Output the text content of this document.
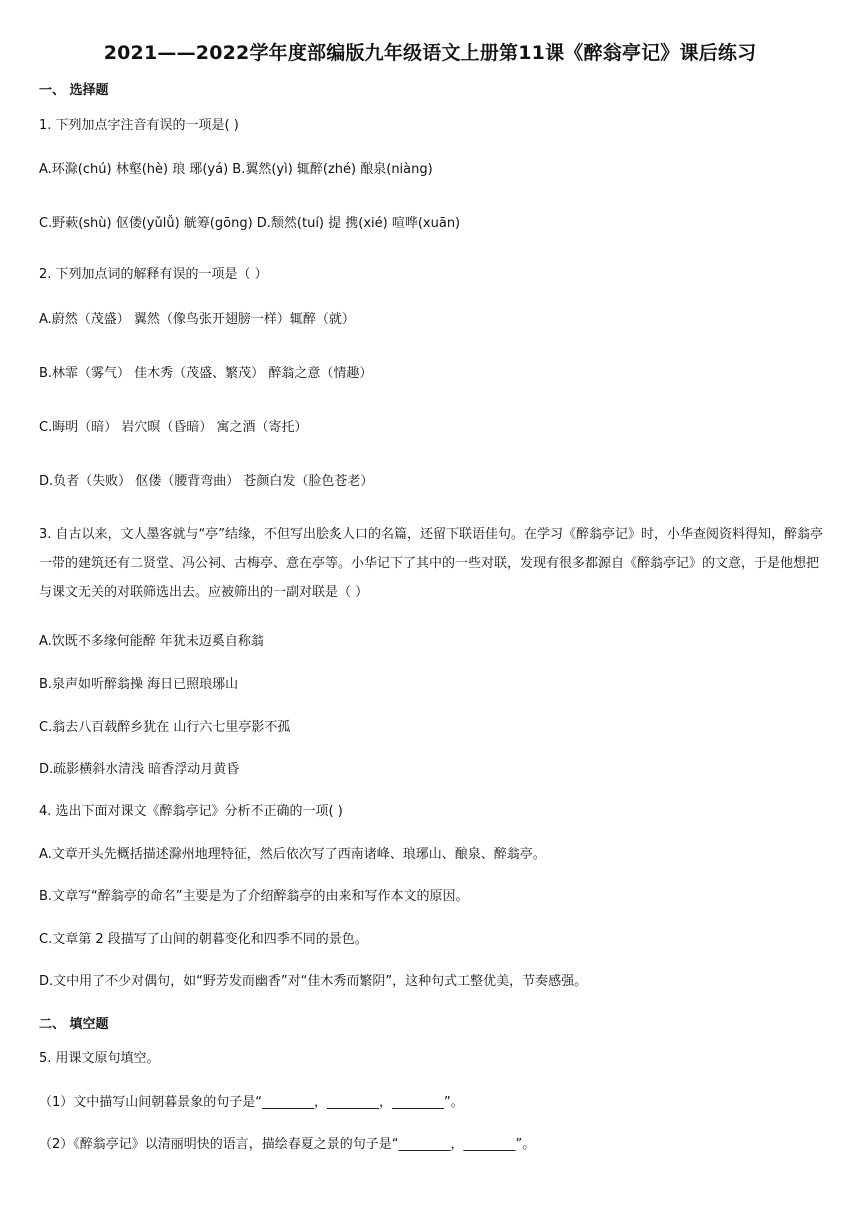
2021——2022学年度部编版九年级语文上册第11课《醉翁亭记》课后练习
一、 选择题
1. 下列加点字注音有误的一项是( )
A.环滁(chú) 林壑(hè) 琅 琊(yá) B.翼然(yì) 辄醉(zhé) 酿泉(niàng)
C.野蔌(shù) 伛偻(yǔlǚ) 觥筹(gōng) D.颓然(tuí) 提 携(xié) 喧哗(xuān)
2. 下列加点词的解释有误的一项是（ ）
A.蔚然（茂盛） 翼然（像鸟张开翅膀一样）辄醉（就）
B.林霏（雾气） 佳木秀（茂盛、繁茂） 醉翁之意（情趣）
C.晦明（暗） 岩穴暝（昏暗） 寓之酒（寄托）
D.负者（失败） 伛偻（腰背弯曲） 苍颜白发（脸色苍老）
3. 自古以来，文人墨客就与“亭”结缘，不但写出脍炙人口的名篇，还留下联语佳句。在学习《醉翁亭记》时，小华查阅资料得知，醉翁亭一带的建筑还有二贤堂、冯公祠、古梅亭、意在亭等。小华记下了其中的一些对联，发现有很多都源自《醉翁亭记》的文意，于是他想把与课文无关的对联筛选出去。应被筛出的一副对联是（ ）
A.饮既不多缘何能醉 年犹未迈奚自称翁
B.泉声如听醉翁操 海日已照琅琊山
C.翁去八百载醉乡犹在 山行六七里亭影不孤
D.疏影横斜水清浅 暗香浮动月黄昏
4. 选出下面对课文《醉翁亭记》分析不正确的一项( )
A.文章开头先概括描述滁州地理特征，然后依次写了西南诸峰、琅琊山、酿泉、醉翁亭。
B.文章写“醉翁亭的命名”主要是为了介绍醉翁亭的由来和写作本文的原因。
C.文章第 2 段描写了山间的朝暮变化和四季不同的景色。
D.文中用了不少对偶句，如“野芳发而幽香”对“佳木秀而繁阴”，这种句式工整优美，节奏感强。
二、 填空题
5. 用课文原句填空。
（1）文中描写山间朝暮景象的句子是“________，________，________”。
（2）《醉翁亭记》以清丽明快的语言，描绘春夏之景的句子是“________，________”。
